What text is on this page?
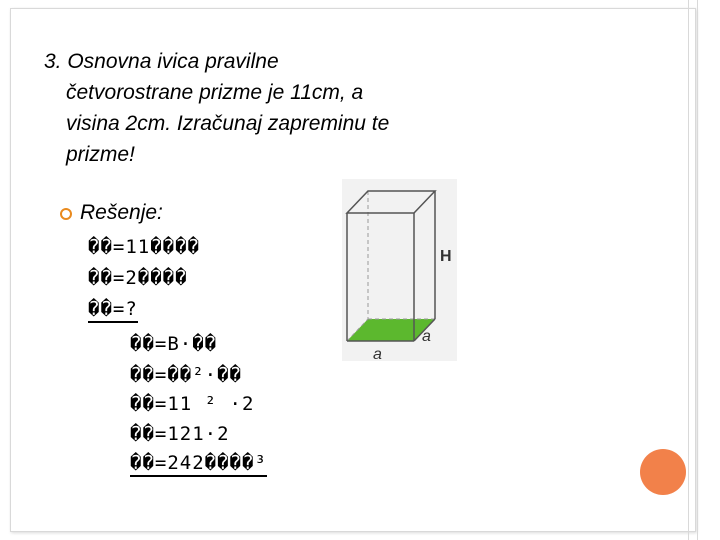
3. Osnovna ivica pravilne
četvorostrane prizme je 11cm, a
visina 2cm. Izračunaj zapreminu te
prizme!
Rešenje:
��=11����
��=2����
��=?
��=B·��
��=��²·��
��=11 ² ·2
��=121·2
��=242����³
H
a
a
